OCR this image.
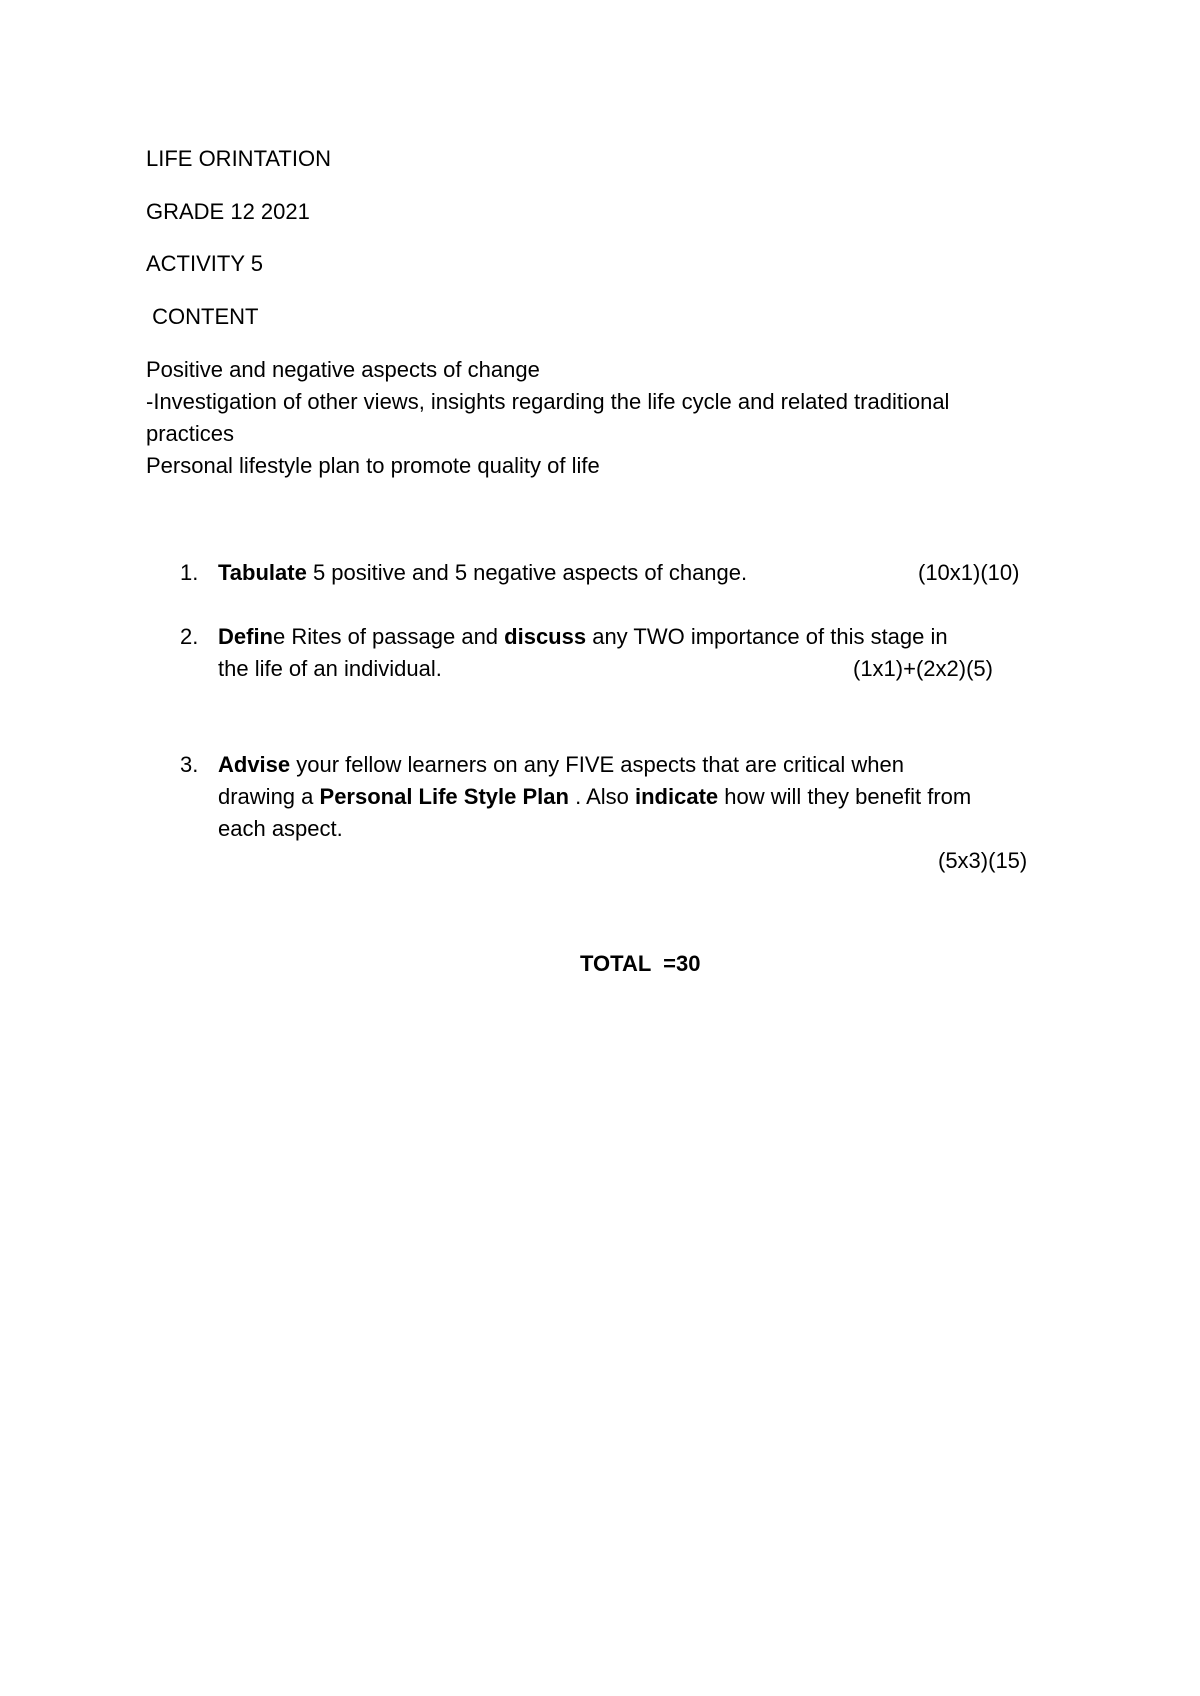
LIFE ORINTATION
GRADE 12 2021
ACTIVITY 5
CONTENT
Positive and negative aspects of change
-Investigation of other views, insights regarding the life cycle and related traditional
practices
Personal lifestyle plan to promote quality of life
1. Tabulate 5 positive and 5 negative aspects of change.	(10x1)(10)
2. Define Rites of passage and discuss any TWO importance of this stage in
the life of an individual.	(1x1)+(2x2)(5)
3. Advise your fellow learners on any FIVE aspects that are critical when
drawing a Personal Life Style Plan . Also indicate how will they benefit from
each aspect.
(5x3)(15)
TOTAL  =30
